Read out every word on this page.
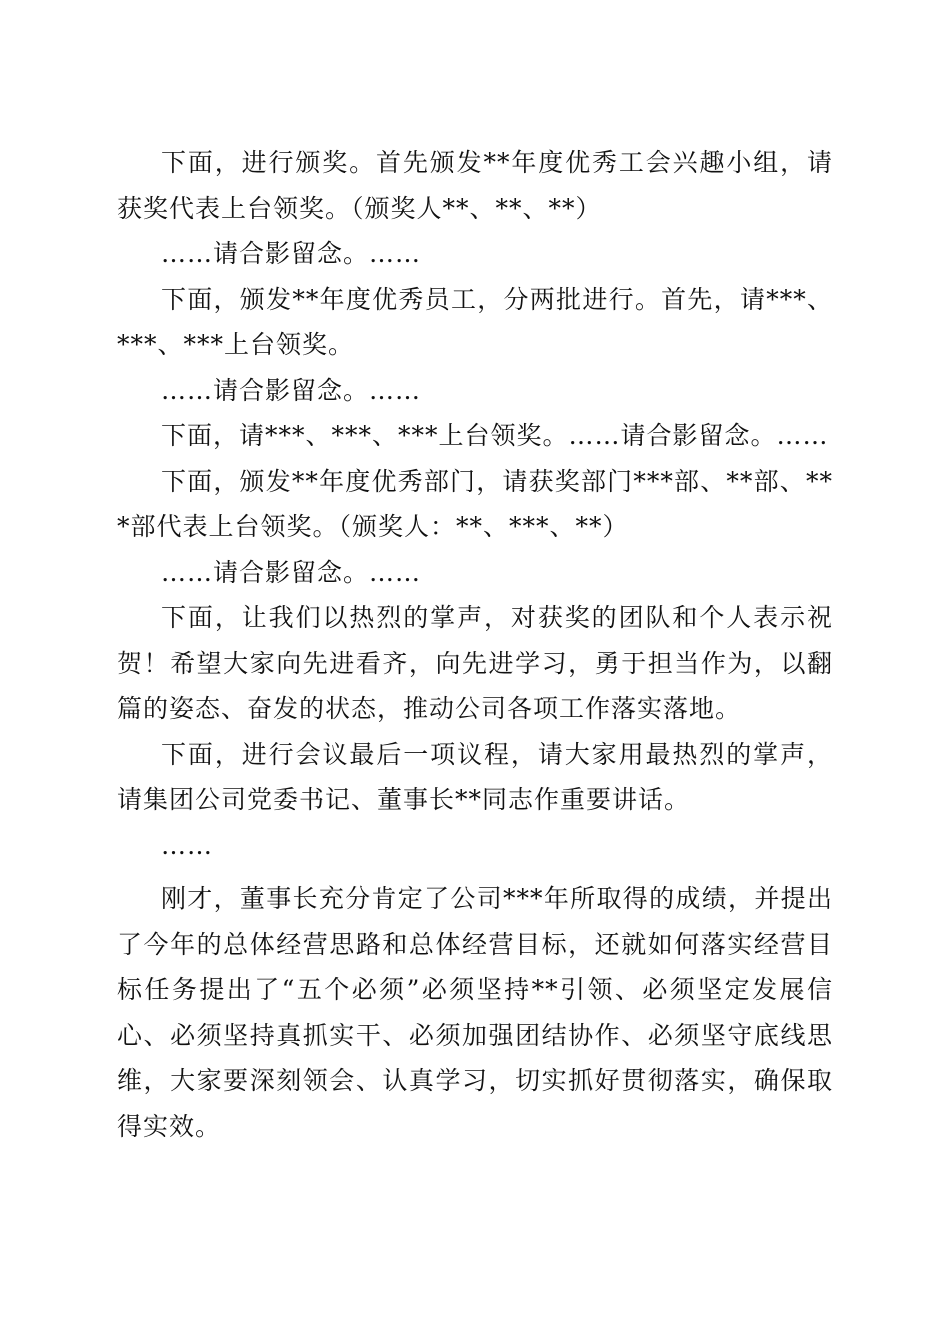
下面，进行颁奖。首先颁发**年度优秀工会兴趣小组，请获奖代表上台领奖。（颁奖人**、**、**）

……请合影留念。……

下面，颁发**年度优秀员工，分两批进行。首先，请***、***、***上台领奖。

……请合影留念。……

下面，请***、***、***上台领奖。……请合影留念。……

下面，颁发**年度优秀部门，请获奖部门***部、**部、***部代表上台领奖。（颁奖人：**、***、**）

……请合影留念。……

下面，让我们以热烈的掌声，对获奖的团队和个人表示祝贺！希望大家向先进看齐，向先进学习，勇于担当作为，以翻篇的姿态、奋发的状态，推动公司各项工作落实落地。

下面，进行会议最后一项议程，请大家用最热烈的掌声，请集团公司党委书记、董事长**同志作重要讲话。

……

刚才，董事长充分肯定了公司***年所取得的成绩，并提出了今年的总体经营思路和总体经营目标，还就如何落实经营目标任务提出了“五个必须”必须坚持**引领、必须坚定发展信心、必须坚持真抓实干、必须加强团结协作、必须坚守底线思维，大家要深刻领会、认真学习，切实抓好贯彻落实，确保取得实效。
